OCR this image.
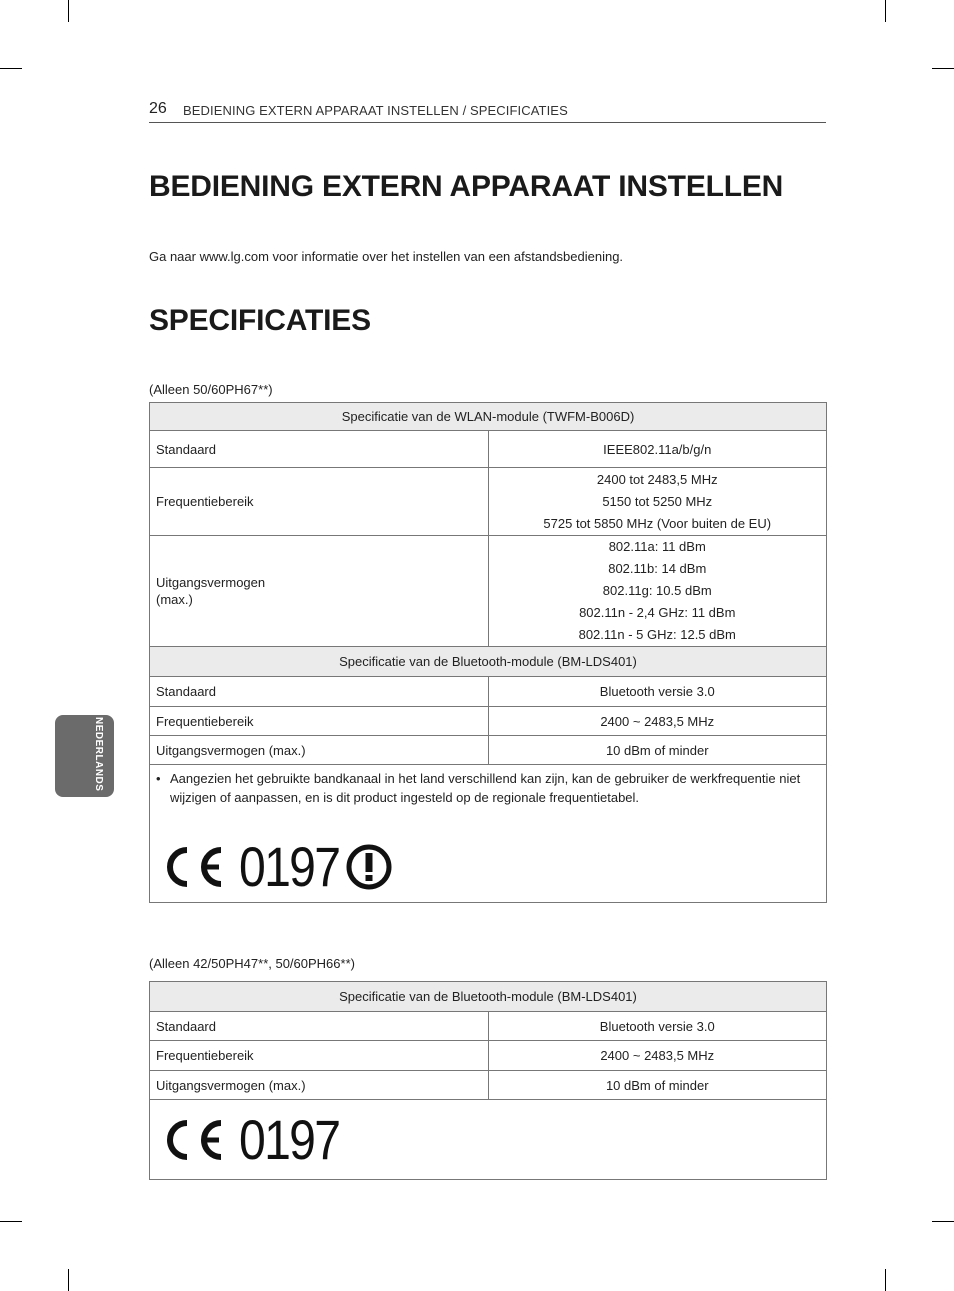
26 BEDIENING EXTERN APPARAAT INSTELLEN / SPECIFICATIES
NEDERLANDS
BEDIENING EXTERN APPARAAT INSTELLEN
Ga naar www.lg.com voor informatie over het instellen van een afstandsbediening.
SPECIFICATIES
(Alleen 50/60PH67**)
Specificatie van de WLAN-module (TWFM-B006D)	
Standaard	IEEE802.11a/b/g/n
Frequentiebereik	2400 tot 2483,5 MHz
5150 tot 5250 MHz
5725 tot 5850 MHz (Voor buiten de EU)

Uitgangsvermogen (max.)	802.11a: 11 dBm
802.11b: 14 dBm
802.11g: 10.5 dBm
802.11n - 2,4 GHz: 11 dBm
802.11n - 5 GHz: 12.5 dBm

Specificatie van de Bluetooth-module (BM-LDS401)	
Standaard	Bluetooth versie 3.0
Frequentiebereik	2400 ~ 2483,5 MHz
Uitgangsvermogen (max.)	10 dBm of minder

• Aangezien het gebruikte bandkanaal in het land verschillend kan zijn, kan de gebruiker de werkfrequentie niet wijzigen of aanpassen, en is dit product ingesteld op de regionale frequentietabel.
0197	
(Alleen 42/50PH47**, 50/60PH66**)
Specificatie van de Bluetooth-module (BM-LDS401)	
Standaard	Bluetooth versie 3.0
Frequentiebereik	2400 ~ 2483,5 MHz
Uitgangsvermogen (max.)	10 dBm of minder

0197	
